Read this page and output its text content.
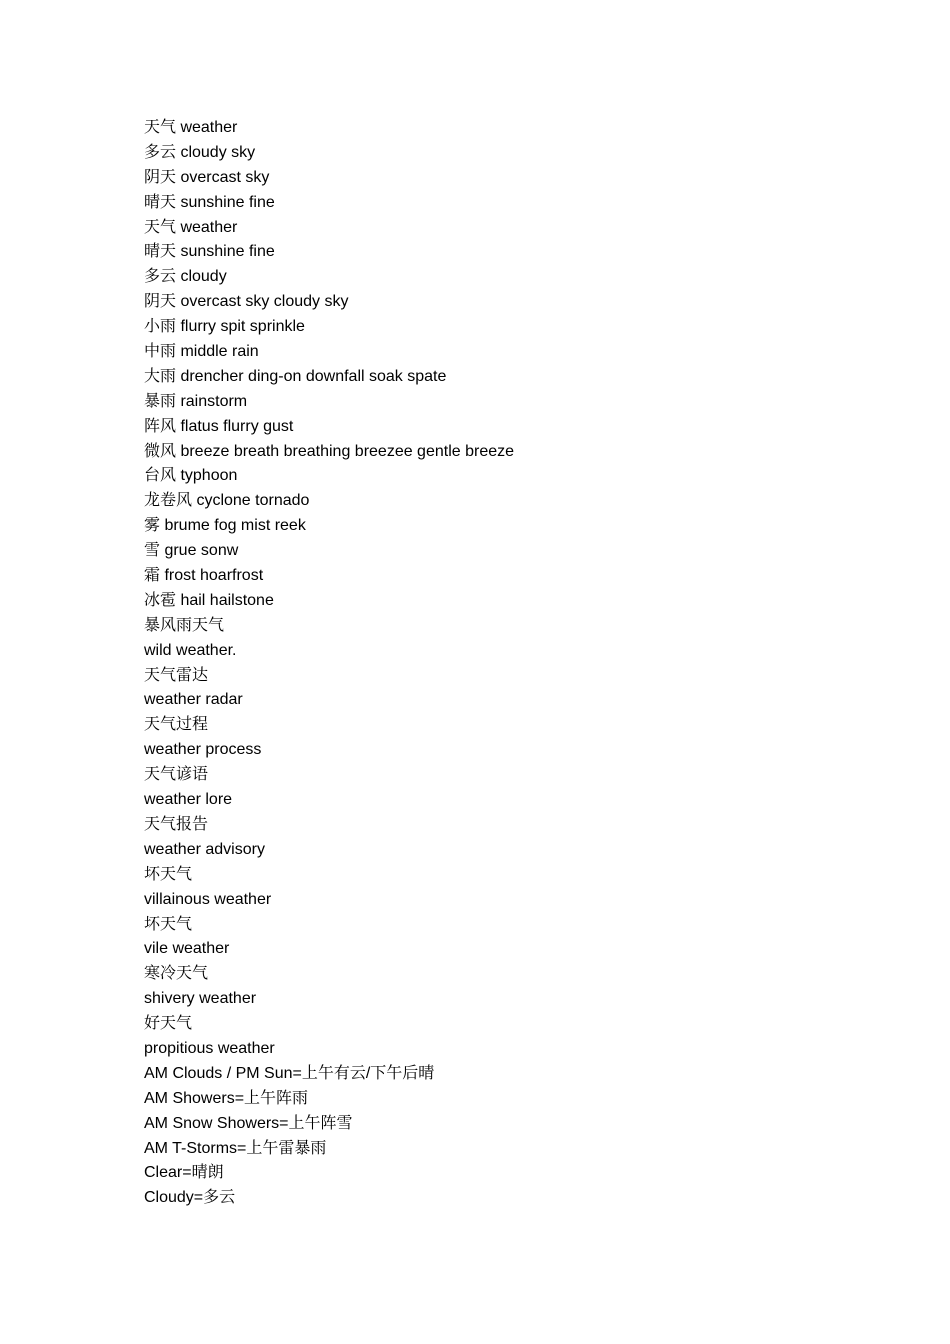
天气 weather
多云 cloudy sky
阴天 overcast sky
晴天 sunshine fine
天气 weather
晴天 sunshine fine
多云 cloudy
阴天 overcast sky cloudy sky
小雨 flurry spit sprinkle
中雨 middle rain
大雨 drencher ding-on downfall soak spate
暴雨 rainstorm
阵风 flatus flurry gust
微风 breeze breath breathing breezee gentle breeze
台风 typhoon
龙卷风 cyclone tornado
雾 brume fog mist reek
雪 grue sonw
霜 frost hoarfrost
冰雹 hail hailstone
暴风雨天气
wild weather.
天气雷达
weather radar
天气过程
weather process
天气谚语
weather lore
天气报告
weather advisory
坏天气
villainous weather
坏天气
vile weather
寒冷天气
shivery weather
好天气
propitious weather
AM Clouds / PM Sun=上午有云/下午后晴
AM Showers=上午阵雨
AM Snow Showers=上午阵雪
AM T-Storms=上午雷暴雨
Clear=晴朗
Cloudy=多云
